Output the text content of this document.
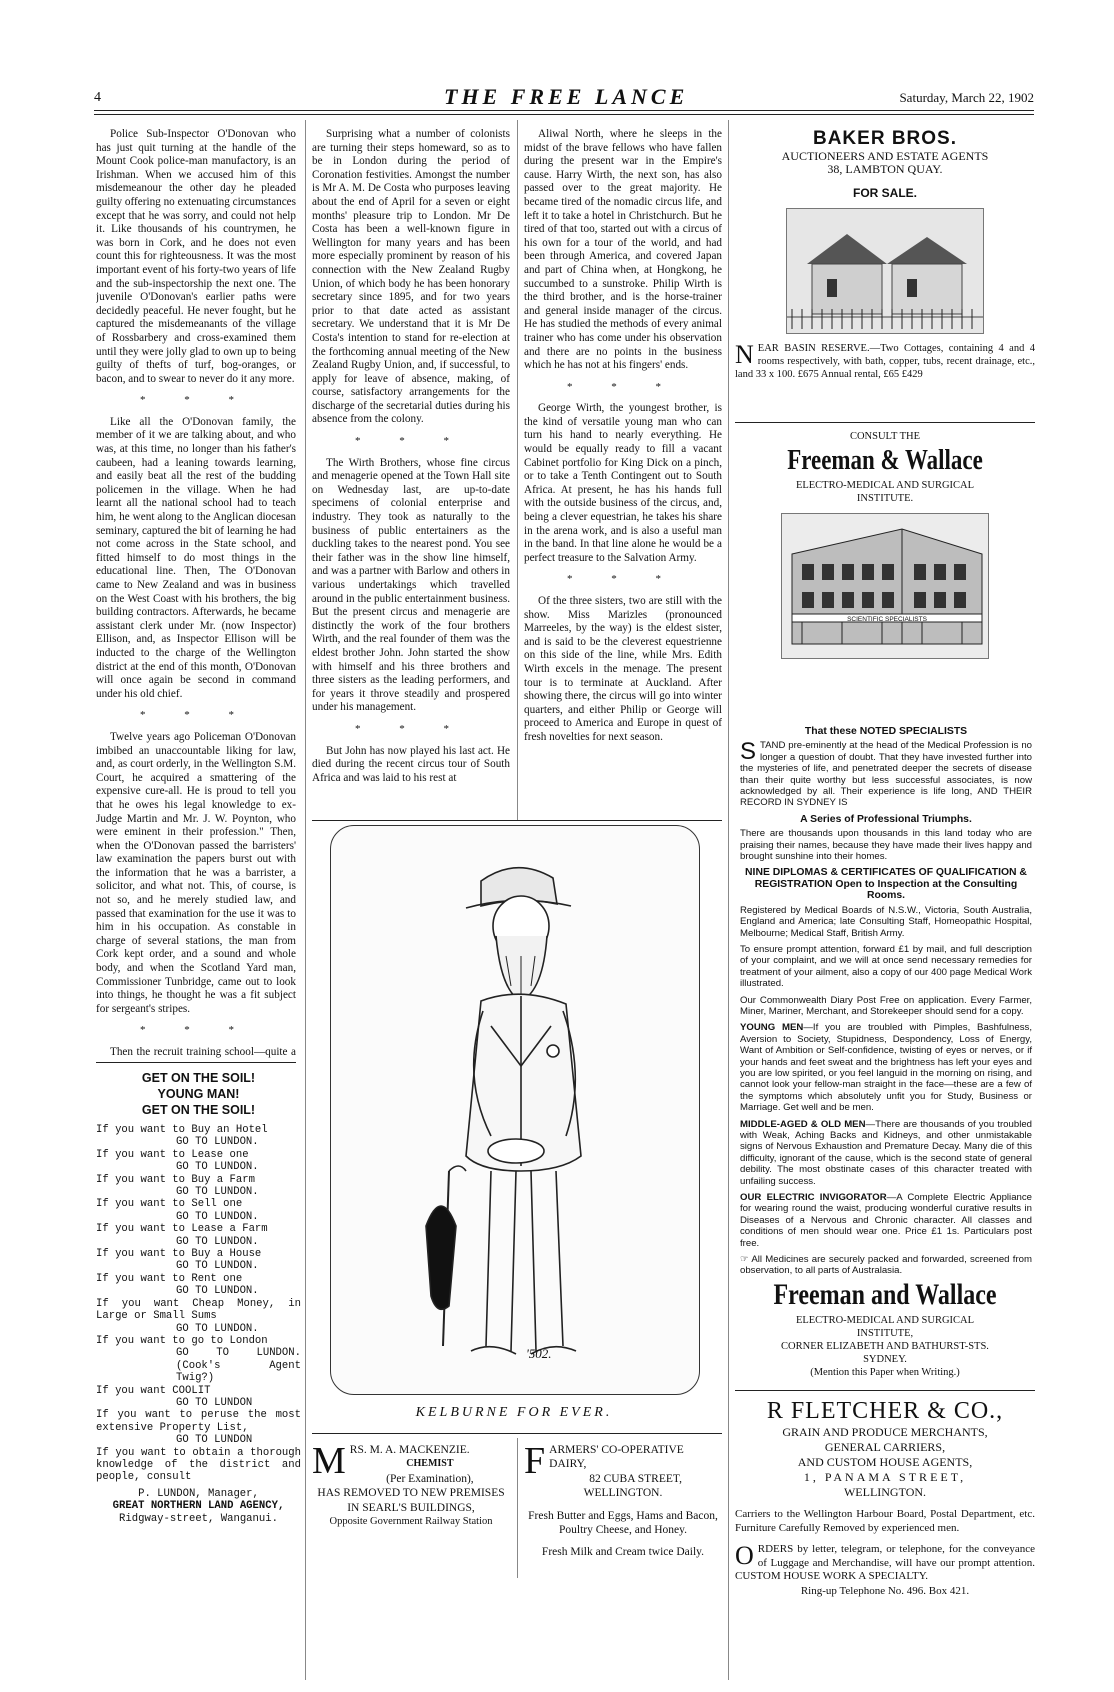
4	THE FREE LANCE	Saturday, March 22, 1902

Police Sub-Inspector O'Donovan who has just quit turning at the handle of the Mount Cook police-man manufactory, is an Irishman. When we accused him of this misdemeanour the other day he pleaded guilty offering no extenuating circumstances except that he was sorry, and could not help it. Like thousands of his countrymen, he was born in Cork, and he does not even count this for righteousness. It was the most important event of his forty-two years of life and the sub-inspectorship the next one. The juvenile O'Donovan's earlier paths were decidedly peaceful. He never fought, but he captured the misdemeanants of the village of Rossbarbery and cross-examined them until they were jolly glad to own up to being guilty of thefts of turf, bog-oranges, or bacon, and to swear to never do it any more.

* * *

Like all the O'Donovan family, the member of it we are talking about, and who was, at this time, no longer than his father's caubeen, had a leaning towards learning, and easily beat all the rest of the budding policemen in the village. When he had learnt all the national school had to teach him, he went along to the Anglican diocesan seminary, captured the bit of learning he had not come across in the State school, and fitted himself to do most things in the educational line. Then, The O'Donovan came to New Zealand and was in business on the West Coast with his brothers, the big building contractors. Afterwards, he became assistant clerk under Mr. (now Inspector) Ellison, and, as Inspector Ellison will be inducted to the charge of the Wellington district at the end of this month, O'Donovan will once again be second in command under his old chief.

* * *

Twelve years ago Policeman O'Donovan imbibed an unaccountable liking for law, and, as court orderly, in the Wellington S.M. Court, he acquired a smattering of the expensive cure-all. He is proud to tell you that he owes his legal knowledge to ex-Judge Martin and Mr. J. W. Poynton, who were eminent in their profession." Then, when the O'Donovan passed the barristers' law examination the papers burst out with the information that he was a barrister, a solicitor, and what not. This, of course, is not so, and he merely studied law, and passed that examination for the use it was to him in his occupation. As constable in charge of several stations, the man from Cork kept order, and a sound and whole body, and when the Scotland Yard man, Commissioner Tunbridge, came out to look into things, he thought he was a fit subject for sergeant's stripes.

* * *

Then the recruit training school—quite a

GET ON THE SOIL!
YOUNG MAN!
GET ON THE SOIL!
If you want to Buy an Hotel
GO TO LUNDON.
If you want to Lease one
GO TO LUNDON.
If you want to Buy a Farm
GO TO LUNDON.
If you want to Sell one
GO TO LUNDON.
If you want to Lease a Farm
GO TO LUNDON.
If you want to Buy a House
GO TO LUNDON.
If you want to Rent one
GO TO LUNDON.
If you want Cheap Money, in Large or Small Sums
GO TO LUNDON.
If you want to go to London
GO TO LUNDON. (Cook's Agent Twig?)
If you want COOLIT
GO TO LUNDON
If you want to peruse the most extensive Property List,
GO TO LUNDON
If you want to obtain a thorough knowledge of the district and people, consult
P. LUNDON, Manager,
GREAT NORTHERN LAND AGENCY,
Ridgway-street, Wanganui.

Surprising what a number of colonists are turning their steps homeward, so as to be in London during the period of Coronation festivities. Amongst the number is Mr A. M. De Costa who purposes leaving about the end of April for a seven or eight months' pleasure trip to London. Mr De Costa has been a well-known figure in Wellington for many years and has been more especially prominent by reason of his connection with the New Zealand Rugby Union, of which body he has been honorary secretary since 1895, and for two years prior to that date acted as assistant secretary. We understand that it is Mr De Costa's intention to stand for re-election at the forthcoming annual meeting of the New Zealand Rugby Union, and, if successful, to apply for leave of absence, making, of course, satisfactory arrangements for the discharge of the secretarial duties during his absence from the colony.

* * *

The Wirth Brothers, whose fine circus and menagerie opened at the Town Hall site on Wednesday last, are up-to-date specimens of colonial enterprise and industry. They took as naturally to the business of public entertainers as the duckling takes to the nearest pond. You see their father was in the show line himself, and was a partner with Barlow and others in various undertakings which travelled around in the public entertainment business. But the present circus and menagerie are distinctly the work of the four brothers Wirth, and the real founder of them was the eldest brother John. John started the show with himself and his three brothers and three sisters as the leading performers, and for years it throve steadily and prospered under his management.

* * *

But John has now played his last act. He died during the recent circus tour of South Africa and was laid to his rest at

Aliwal North, where he sleeps in the midst of the brave fellows who have fallen during the present war in the Empire's cause. Harry Wirth, the next son, has also passed over to the great majority. He became tired of the nomadic circus life, and left it to take a hotel in Christchurch. But he tired of that too, started out with a circus of his own for a tour of the world, and had been through America, and covered Japan and part of China when, at Hongkong, he succumbed to a sunstroke. Philip Wirth is the third brother, and is the horse-trainer and general inside manager of the circus. He has studied the methods of every animal trainer who has come under his observation and there are no points in the business which he has not at his fingers' ends.

* * *

George Wirth, the youngest brother, is the kind of versatile young man who can turn his hand to nearly everything. He would be equally ready to fill a vacant Cabinet portfolio for King Dick on a pinch, or to take a Tenth Contingent out to South Africa. At present, he has his hands full with the outside business of the circus, and, being a clever equestrian, he takes his share in the arena work, and is also a useful man in the band. In that line alone he would be a perfect treasure to the Salvation Army.

* * *

Of the three sisters, two are still with the show. Miss Marizles (pronounced Marreeles, by the way) is the eldest sister, and is said to be the cleverest equestrienne on this side of the line, while Mrs. Edith Wirth excels in the menage. The present tour is to terminate at Auckland. After showing there, the circus will go into winter quarters, and either Philip or George will proceed to America and Europe in quest of fresh novelties for next season.

'502.
KELBURNE FOR EVER.
MRS. M. A. MACKENZIE.
CHEMIST
(Per Examination),
HAS REMOVED TO NEW PREMISES
IN SEARL'S BUILDINGS,
Opposite Government Railway Station
FARMERS' CO-OPERATIVE DAIRY,
82 CUBA STREET, WELLINGTON.
Fresh Butter and Eggs, Hams and Bacon, Poultry Cheese, and Honey.
Fresh Milk and Cream twice Daily.
BAKER BROS.
AUCTIONEERS AND ESTATE AGENTS
38, LAMBTON QUAY.
FOR SALE.
NEAR BASIN RESERVE.—Two Cottages, containing 4 and 4 rooms respectively, with bath, copper, tubs, recent drainage, etc., land 33 x 100. £675 Annual rental, £65 £429
CONSULT THE
Freeman & Wallace
ELECTRO-MEDICAL AND SURGICAL
INSTITUTE.
SCIENTIFIC SPECIALISTS
That these NOTED SPECIALISTS

STAND pre-eminently at the head of the Medical Profession is no longer a question of doubt. That they have invested further into the mysteries of life, and penetrated deeper the secrets of disease than their quite worthy but less successful associates, is now acknowledged by all. Their experience is life long, AND THEIR RECORD IN SYDNEY IS

A Series of Professional Triumphs.

There are thousands upon thousands in this land today who are praising their names, because they have made their lives happy and brought sunshine into their homes.

NINE DIPLOMAS & CERTIFICATES OF QUALIFICATION & REGISTRATION Open to Inspection at the Consulting Rooms.

Registered by Medical Boards of N.S.W., Victoria, South Australia, England and America; late Consulting Staff, Homeopathic Hospital, Melbourne; Medical Staff, British Army.

To ensure prompt attention, forward £1 by mail, and full description of your complaint, and we will at once send necessary remedies for treatment of your ailment, also a copy of our 400 page Medical Work illustrated.

Our Commonwealth Diary Post Free on application. Every Farmer, Miner, Mariner, Merchant, and Storekeeper should send for a copy.

YOUNG MEN—If you are troubled with Pimples, Bashfulness, Aversion to Society, Stupidness, Despondency, Loss of Energy, Want of Ambition or Self-confidence, twisting of eyes or nerves, or if your hands and feet sweat and the brightness has left your eyes and you are low spirited, or you feel languid in the morning on rising, and cannot look your fellow-man straight in the face—these are a few of the symptoms which absolutely unfit you for Study, Business or Marriage. Get well and be men.

MIDDLE-AGED & OLD MEN—There are thousands of you troubled with Weak, Aching Backs and Kidneys, and other unmistakable signs of Nervous Exhaustion and Premature Decay. Many die of this difficulty, ignorant of the cause, which is the second state of general debility. The most obstinate cases of this character treated with unfailing success.

OUR ELECTRIC INVIGORATOR—A Complete Electric Appliance for wearing round the waist, producing wonderful curative results in Diseases of a Nervous and Chronic character. All classes and conditions of men should wear one. Price £1 1s. Particulars post free.

☞ All Medicines are securely packed and forwarded, screened from observation, to all parts of Australasia.

Freeman and Wallace
ELECTRO-MEDICAL AND SURGICAL
INSTITUTE,
CORNER ELIZABETH AND BATHURST-STS.
SYDNEY.
(Mention this Paper when Writing.)
R FLETCHER & CO.,
GRAIN AND PRODUCE MERCHANTS,
GENERAL CARRIERS,
AND CUSTOM HOUSE AGENTS,
1, PANAMA STREET,
WELLINGTON.
Carriers to the Wellington Harbour Board, Postal Department, etc. Furniture Carefully Removed by experienced men.
ORDERS by letter, telegram, or telephone, for the conveyance of Luggage and Merchandise, will have our prompt attention. CUSTOM HOUSE WORK A SPECIALTY.
Ring-up Telephone No. 496. Box 421.
